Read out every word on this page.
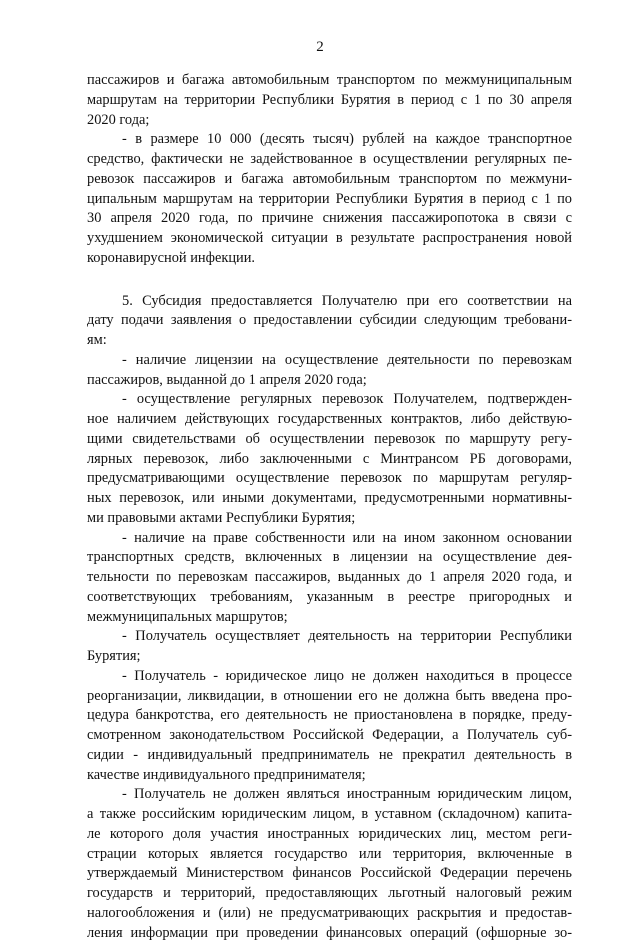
2
пассажиров и багажа автомобильным транспортом по межмуниципальным
маршрутам на территории Республики Бурятия в период с 1 по 30 апреля
2020 года;
- в размере 10 000 (десять тысяч) рублей на каждое транспортное
средство, фактически не задействованное в осуществлении регулярных пе-
ревозок пассажиров и багажа автомобильным транспортом по межмуни-
ципальным маршрутам на территории Республики Бурятия в период с 1 по
30 апреля 2020 года, по причине снижения пассажиропотока в связи с
ухудшением экономической ситуации в результате распространения новой
коронавирусной инфекции.
5. Субсидия предоставляется Получателю при его соответствии на
дату подачи заявления о предоставлении субсидии следующим требовани-
ям:
- наличие лицензии на осуществление деятельности по перевозкам
пассажиров, выданной до 1 апреля 2020 года;
- осуществление регулярных перевозок Получателем, подтвержден-
ное наличием действующих государственных контрактов, либо действую-
щими свидетельствами об осуществлении перевозок по маршруту регу-
лярных перевозок, либо заключенными с Минтрансом РБ договорами,
предусматривающими осуществление перевозок по маршрутам регуляр-
ных перевозок, или иными документами, предусмотренными нормативны-
ми правовыми актами Республики Бурятия;
- наличие на праве собственности или на ином законном основании
транспортных средств, включенных в лицензии на осуществление дея-
тельности по перевозкам пассажиров, выданных до 1 апреля 2020 года, и
соответствующих требованиям, указанным в реестре пригородных и
межмуниципальных маршрутов;
- Получатель осуществляет деятельность на территории Республики
Бурятия;
- Получатель - юридическое лицо не должен находиться в процессе
реорганизации, ликвидации, в отношении его не должна быть введена про-
цедура банкротства, его деятельность не приостановлена в порядке, преду-
смотренном законодательством Российской Федерации, а Получатель суб-
сидии - индивидуальный предприниматель не прекратил деятельность в
качестве индивидуального предпринимателя;
- Получатель не должен являться иностранным юридическим лицом,
а также российским юридическим лицом, в уставном (складочном) капита-
ле которого доля участия иностранных юридических лиц, местом реги-
страции которых является государство или территория, включенные в
утверждаемый Министерством финансов Российской Федерации перечень
государств и территорий, предоставляющих льготный налоговый режим
налогообложения и (или) не предусматривающих раскрытия и предостав-
ления информации при проведении финансовых операций (офшорные зо-
